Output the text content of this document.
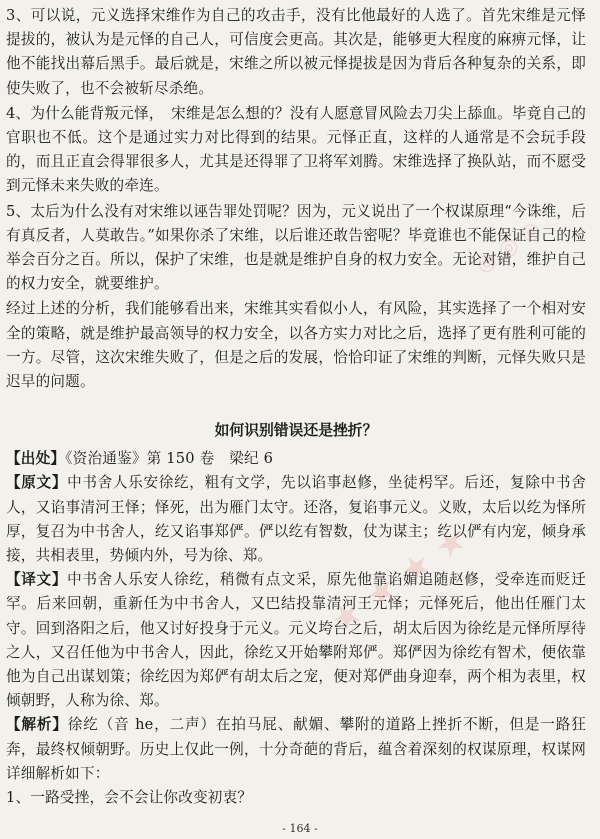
3、可以说，元义选择宋维作为自己的攻击手，没有比他最好的人选了。首先宋维是元怿提拔的，被认为是元怿的自己人，可信度会更高。其次是，能够更大程度的麻痹元怿，让他不能找出幕后黑手。最后就是，宋维之所以被元怿提拔是因为背后各种复杂的关系，即使失败了，也不会被斩尽杀绝。

4、为什么能背叛元怿，　宋维是怎么想的？没有人愿意冒风险去刀尖上舔血。毕竟自己的官职也不低。这个是通过实力对比得到的结果。元怿正直，这样的人通常是不会玩手段的，而且正直会得罪很多人，尤其是还得罪了卫将军刘腾。宋维选择了换队站，而不愿受到元怿未来失败的牵连。

5、太后为什么没有对宋维以诬告罪处罚呢？因为，元义说出了一个权谋原理“今诛维，后有真反者，人莫敢告。”如果你杀了宋维，以后谁还敢告密呢？毕竟谁也不能保证自己的检举会百分之百。所以，保护了宋维，也是就是维护自身的权力安全。无论对错，维护自己的权力安全，就要维护。

经过上述的分析，我们能够看出来，宋维其实看似小人，有风险，其实选择了一个相对安全的策略，就是维护最高领导的权力安全，以各方实力对比之后，选择了更有胜利可能的一方。尽管，这次宋维失败了，但是之后的发展，恰恰印证了宋维的判断，元怿失败只是迟早的问题。

如何识别错误还是挫折？

【出处】《资治通鉴》第 150 卷　梁纪 6

【原文】中书舍人乐安徐纥，粗有文学，先以谄事赵修，坐徒枵罕。后还，复除中书舍人，又谄事清河王怿；怿死，出为雁门太守。还洛，复谄事元义。义败，太后以纥为怿所厚，复召为中书舍人，纥又谄事郑俨。俨以纥有智数，仗为谋主；纥以俨有内宠，倾身承接，共相表里，势倾内外，号为徐、郑。

【译文】中书舍人乐安人徐纥，稍微有点文采，原先他靠谄媚追随赵修，受牵连而贬迁罕。后来回朝，重新任为中书舍人，又巴结投靠清河王元怿；元怿死后，他出任雁门太守。回到洛阳之后，他又讨好投身于元义。元义垮台之后，胡太后因为徐纥是元怿所厚待之人，又召任他为中书舍人，因此，徐纥又开始攀附郑俨。郑俨因为徐纥有智术，便依靠他为自己出谋划策；徐纥因为郑俨有胡太后之宠，便对郑俨曲身迎奉，两个相为表里，权倾朝野，人称为徐、郑。

【解析】徐纥（音 he，二声）在拍马屁、献媚、攀附的道路上挫折不断，但是一路狂奔，最终权倾朝野。历史上仅此一例，十分奇葩的背后，蕴含着深刻的权谋原理，权谋网详细解析如下：

1、一路受挫，会不会让你改变初衷？

★ ★ ★ ★
◎ ◎ ◎
- 164 -
